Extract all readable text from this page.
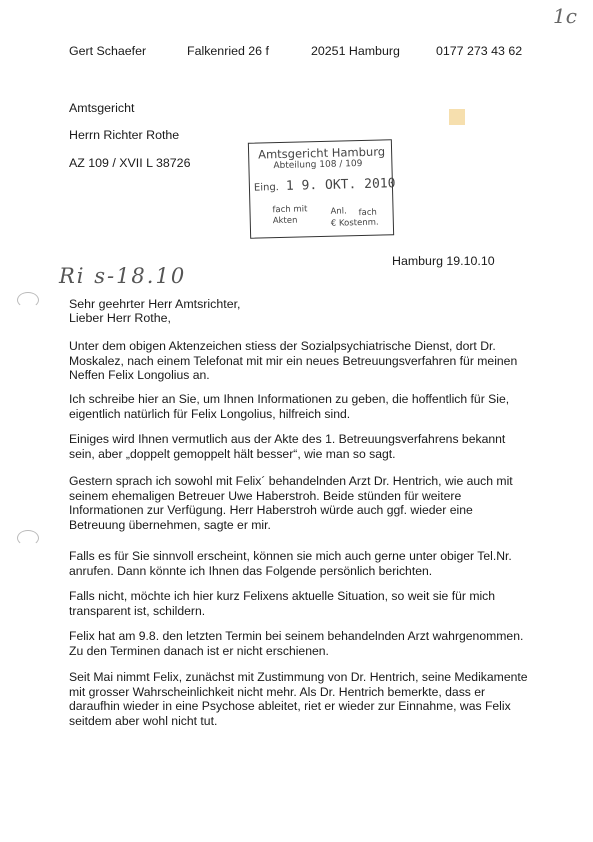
1c
Gert Schaefer	Falkenried 26 f	20251 Hamburg	0177 273 43 62
Amtsgericht
Herrn Richter Rothe
AZ 109 / XVII L 38726
Amtsgericht Hamburg
Abteilung 108 / 109
Eing. 1 9. OKT. 2010
fach mit
Akten
Anl. fach
€ Kostenm.
Hamburg 19.10.10
Ri s-18.10
Sehr geehrter Herr Amtsrichter,
Lieber Herr Rothe,
Unter dem obigen Aktenzeichen stiess der Sozialpsychiatrische Dienst, dort Dr.
Moskalez, nach einem Telefonat mit mir ein neues Betreuungsverfahren für meinen
Neffen Felix Longolius an.
Ich schreibe hier an Sie, um Ihnen Informationen zu geben, die hoffentlich für Sie,
eigentlich natürlich für Felix Longolius, hilfreich sind.
Einiges wird Ihnen vermutlich aus der Akte des 1. Betreuungsverfahrens bekannt
sein, aber „doppelt gemoppelt hält besser“, wie man so sagt.
Gestern sprach ich sowohl mit Felix´ behandelnden Arzt Dr. Hentrich, wie auch mit
seinem ehemaligen Betreuer Uwe Haberstroh. Beide stünden für weitere
Informationen zur Verfügung. Herr Haberstroh würde auch ggf. wieder eine
Betreuung übernehmen, sagte er mir.
Falls es für Sie sinnvoll erscheint, können sie mich auch gerne unter obiger Tel.Nr.
anrufen. Dann könnte ich Ihnen das Folgende persönlich berichten.
Falls nicht, möchte ich hier kurz Felixens aktuelle Situation, so weit sie für mich
transparent ist, schildern.
Felix hat am 9.8. den letzten Termin bei seinem behandelnden Arzt wahrgenommen.
Zu den Terminen danach ist er nicht erschienen.
Seit Mai nimmt Felix, zunächst mit Zustimmung von Dr. Hentrich, seine Medikamente
mit grosser Wahrscheinlichkeit nicht mehr. Als Dr. Hentrich bemerkte, dass er
daraufhin wieder in eine Psychose ableitet, riet er wieder zur Einnahme, was Felix
seitdem aber wohl nicht tut.
